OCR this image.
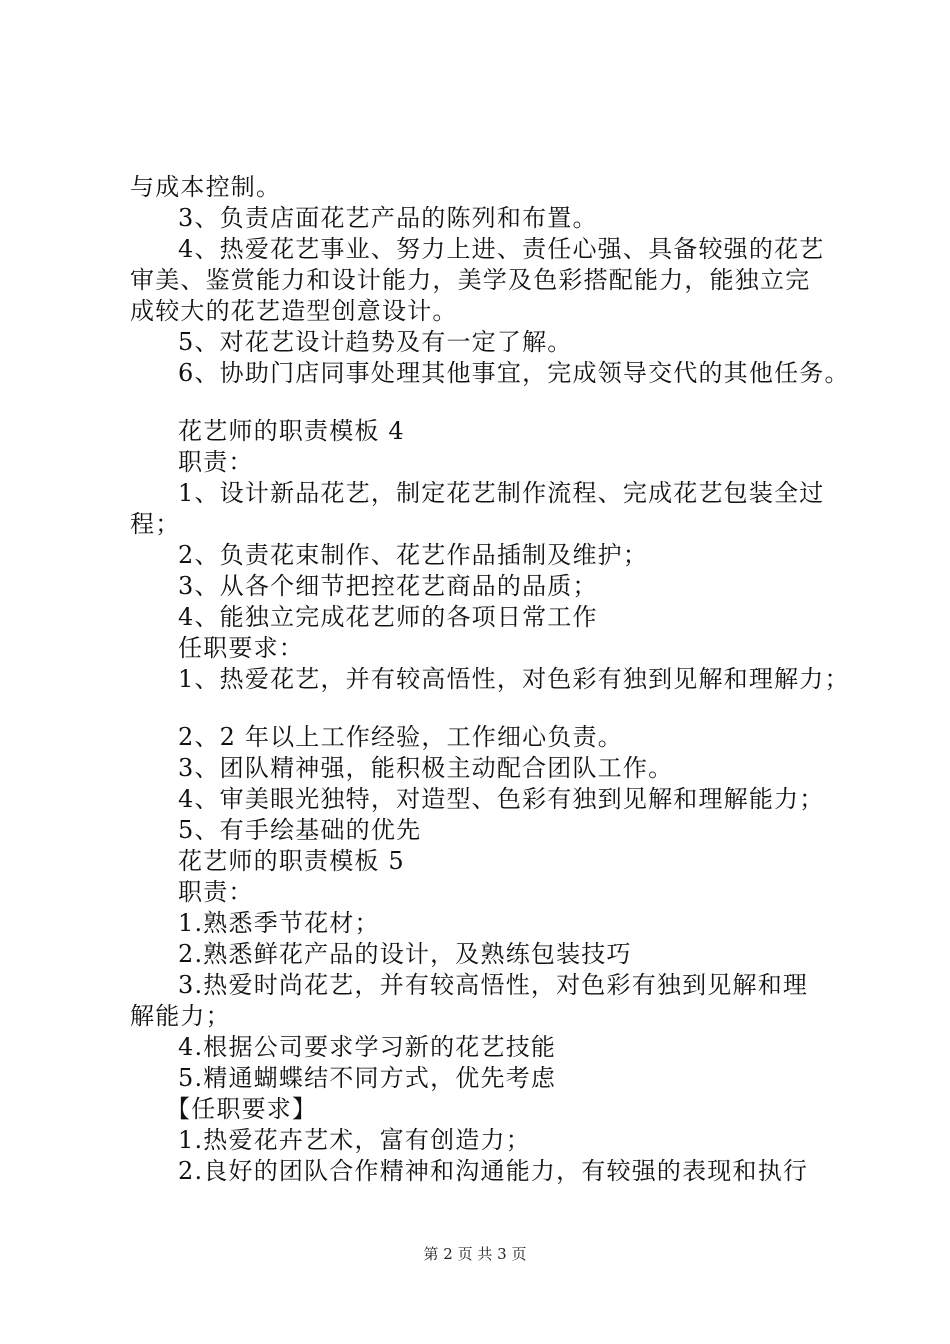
与成本控制。
3、负责店面花艺产品的陈列和布置。
4、热爱花艺事业、努力上进、责任心强、具备较强的花艺
审美、鉴赏能力和设计能力，美学及色彩搭配能力，能独立完
成较大的花艺造型创意设计。
5、对花艺设计趋势及有一定了解。
6、协助门店同事处理其他事宜，完成领导交代的其他任务。
花艺师的职责模板 4
职责：
1、设计新品花艺，制定花艺制作流程、完成花艺包装全过
程；
2、负责花束制作、花艺作品插制及维护；
3、从各个细节把控花艺商品的品质；
4、能独立完成花艺师的各项日常工作
任职要求：
1、热爱花艺，并有较高悟性，对色彩有独到见解和理解力；
2、2 年以上工作经验，工作细心负责。
3、团队精神强，能积极主动配合团队工作。
4、审美眼光独特，对造型、色彩有独到见解和理解能力；
5、有手绘基础的优先
花艺师的职责模板 5
职责：
1.熟悉季节花材；
2.熟悉鲜花产品的设计，及熟练包装技巧
3.热爱时尚花艺，并有较高悟性，对色彩有独到见解和理
解能力；
4.根据公司要求学习新的花艺技能
5.精通蝴蝶结不同方式，优先考虑
【任职要求】
1.热爱花卉艺术，富有创造力；
2.良好的团队合作精神和沟通能力，有较强的表现和执行
第 2 页 共 3 页
